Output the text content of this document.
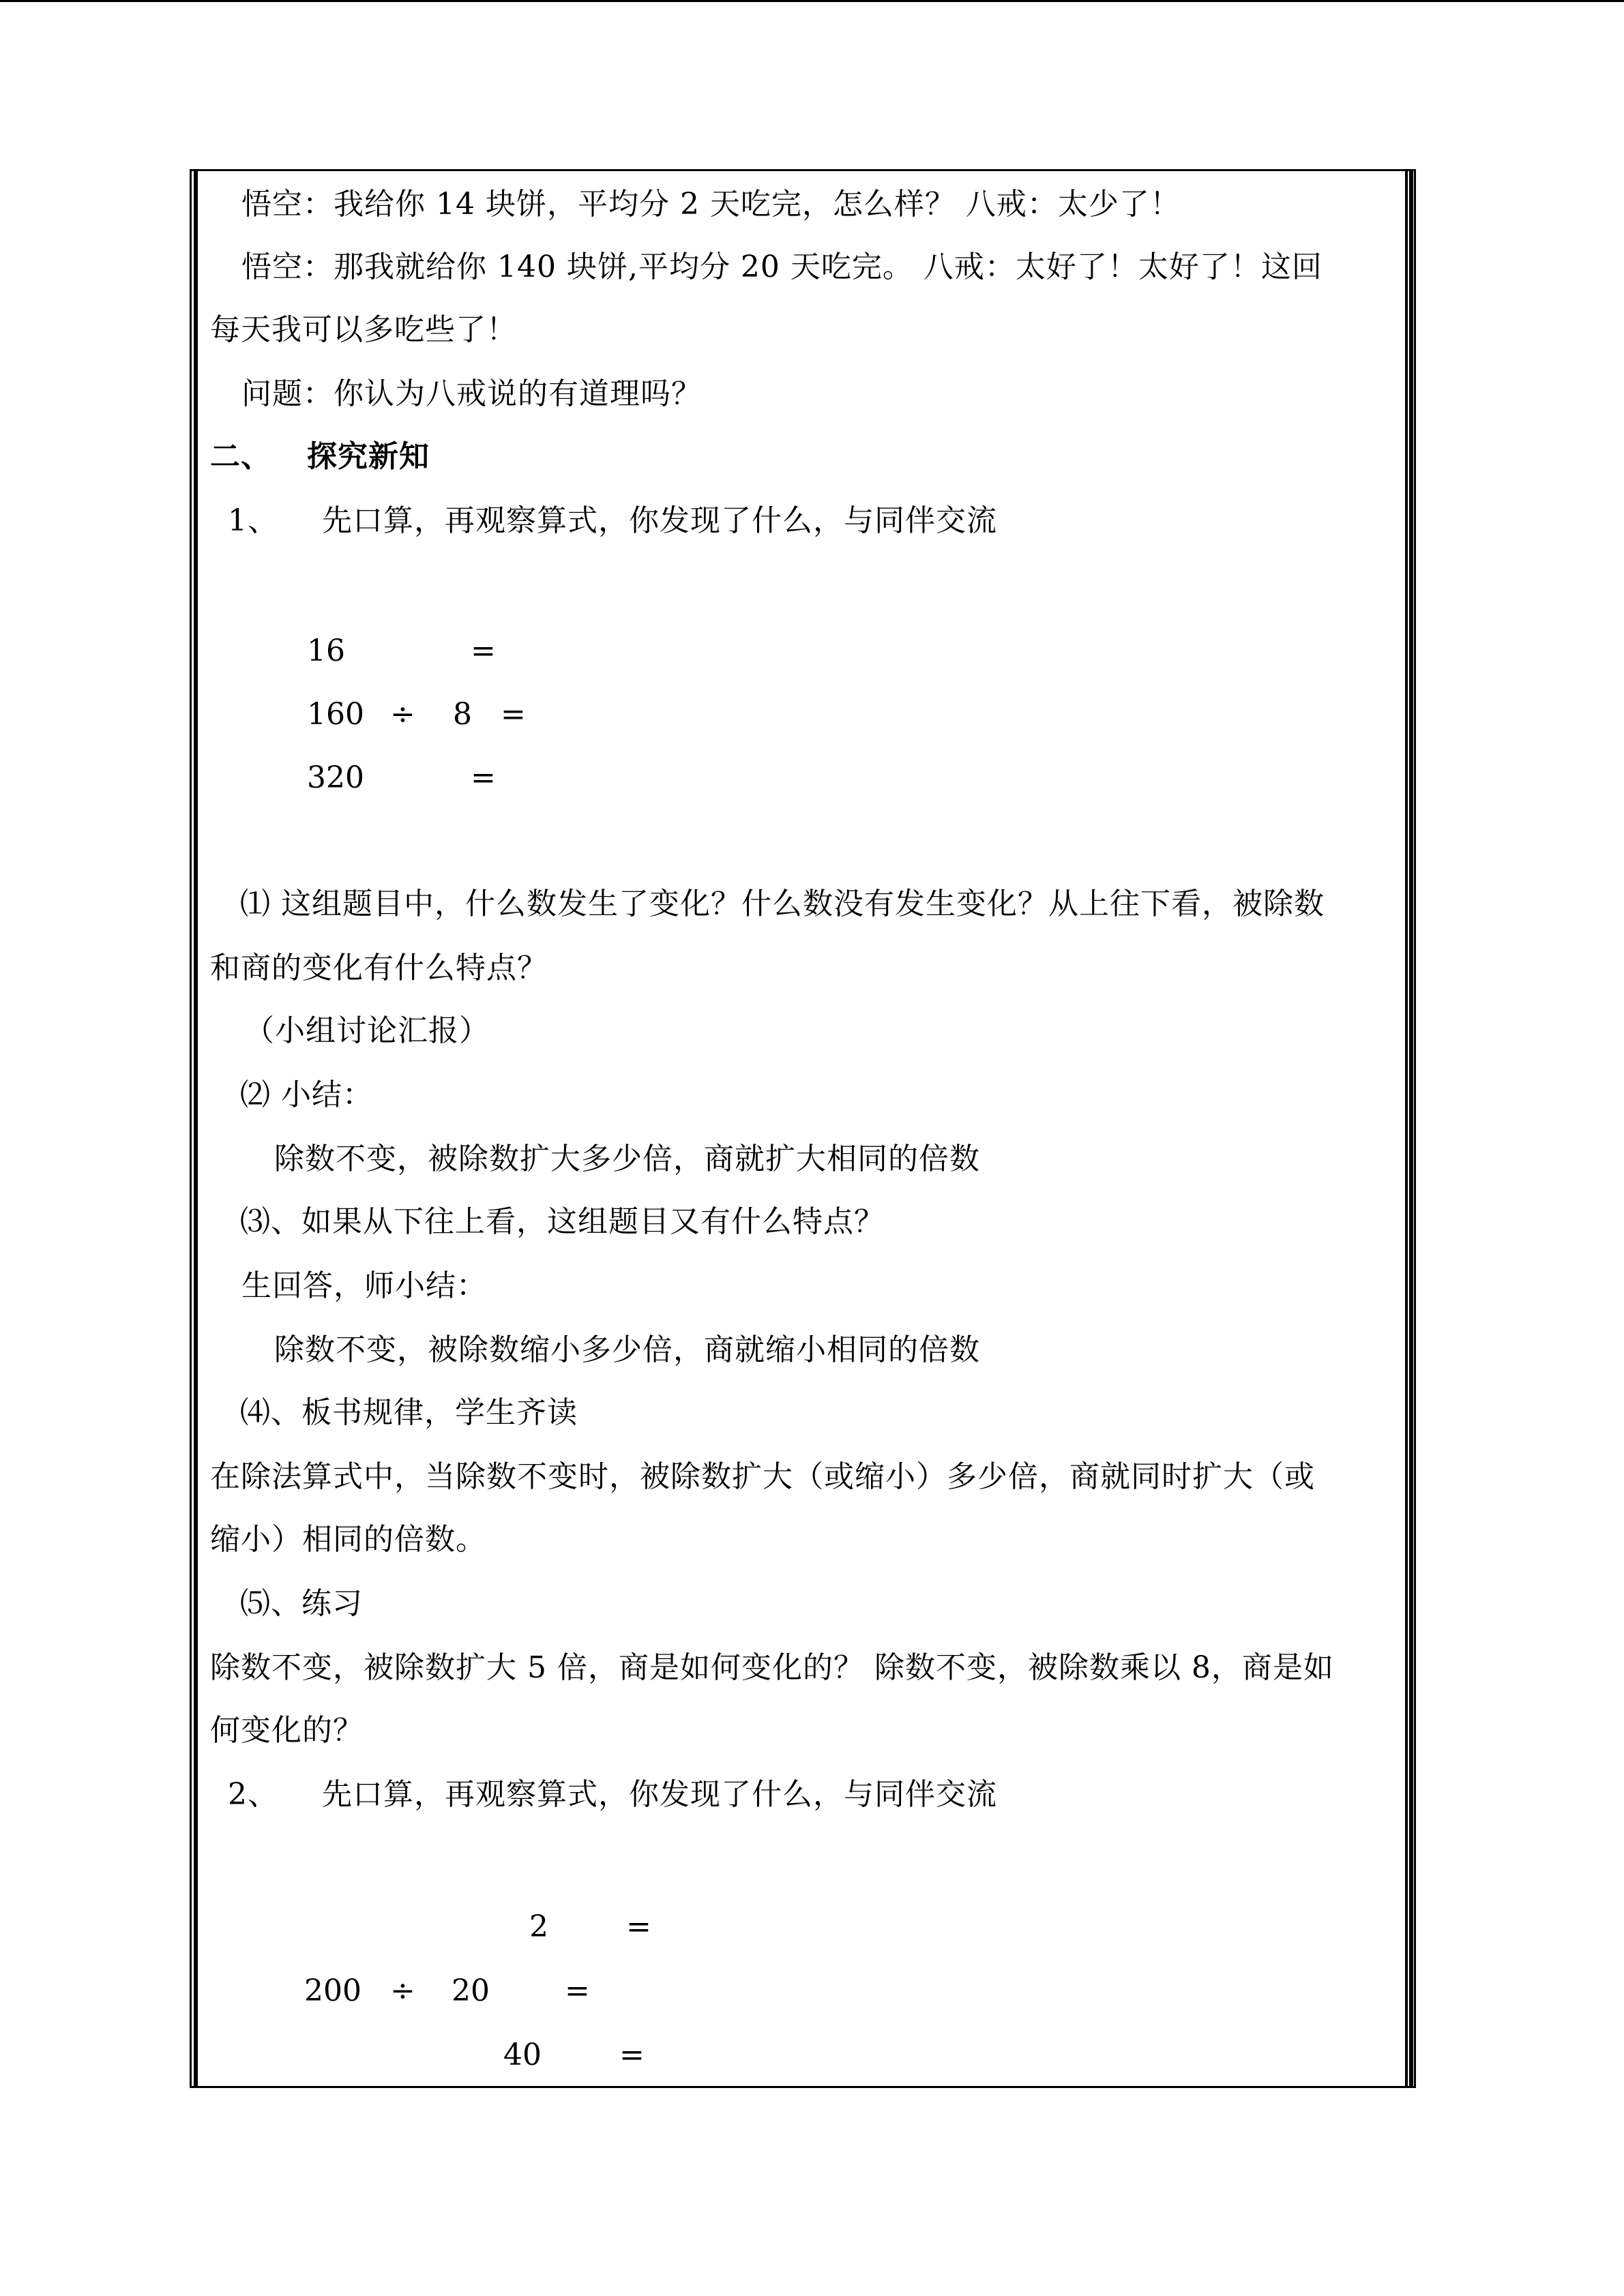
悟空：我给你 14 块饼，平均分 2 天吃完，怎么样？ 八戒：太少了！
悟空：那我就给你 140 块饼,平均分 20 天吃完。 八戒：太好了！太好了！这回
每天我可以多吃些了！
问题：你认为八戒说的有道理吗？
二、 探究新知
1、 先口算，再观察算式，你发现了什么，与同伴交流
16	=
160 ÷ 8 =
320	=
⑴ 这组题目中，什么数发生了变化？什么数没有发生变化？从上往下看，被除数
和商的变化有什么特点？
（小组讨论汇报）
⑵ 小结：
除数不变，被除数扩大多少倍，商就扩大相同的倍数
⑶、如果从下往上看，这组题目又有什么特点？
生回答，师小结：
除数不变，被除数缩小多少倍，商就缩小相同的倍数
⑷、板书规律，学生齐读
在除法算式中，当除数不变时，被除数扩大（或缩小）多少倍，商就同时扩大（或
缩小）相同的倍数。
⑸、练习
除数不变，被除数扩大 5 倍，商是如何变化的？ 除数不变，被除数乘以 8，商是如
何变化的？
2、 先口算，再观察算式，你发现了什么，与同伴交流
2	=
200 ÷ 20	=
40	=
